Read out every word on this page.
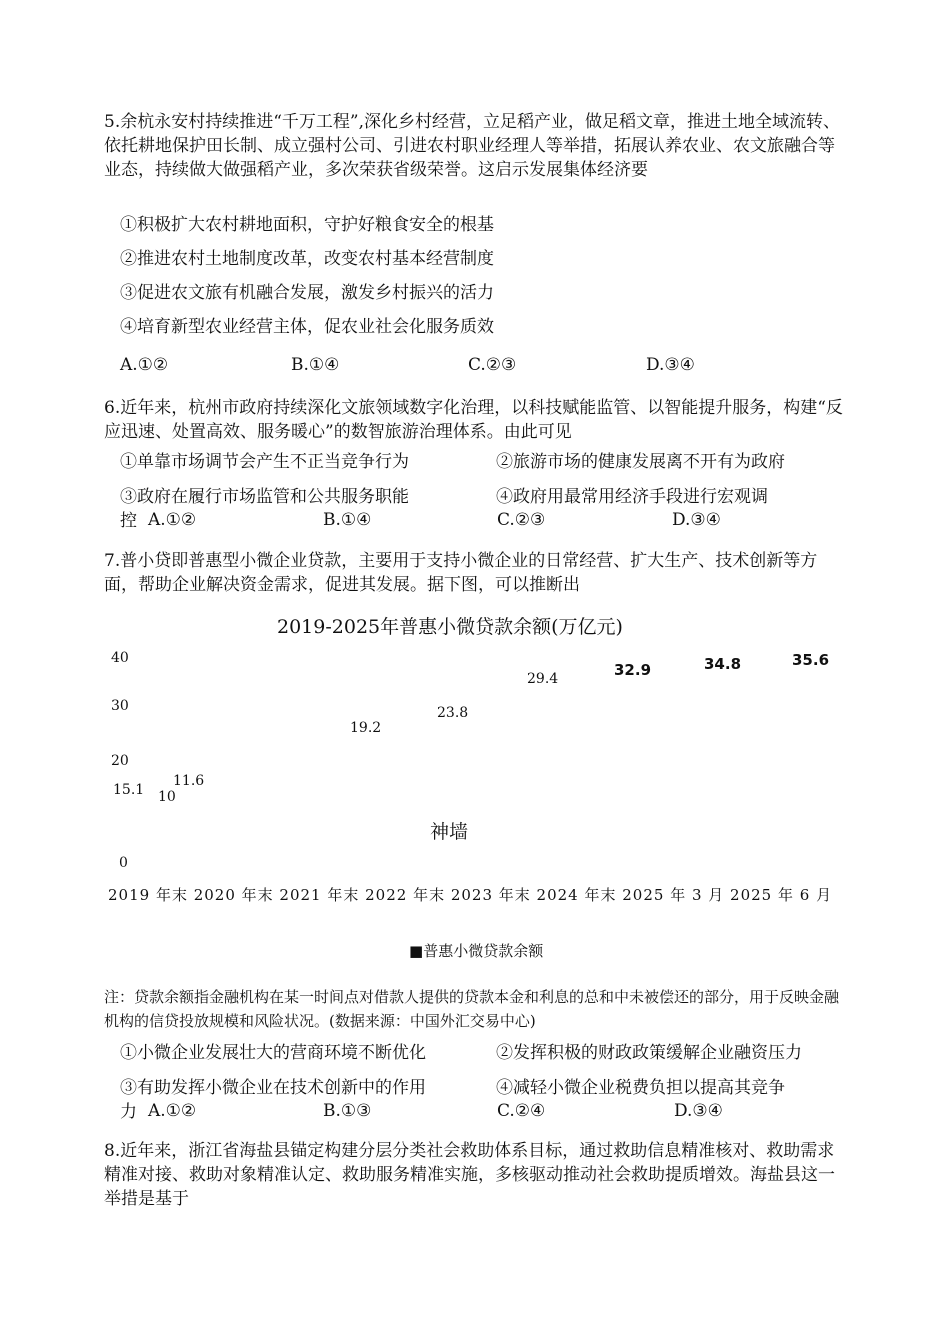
5.余杭永安村持续推进“千万工程”,深化乡村经营，立足稻产业，做足稻文章，推进土地全域流转、依托耕地保护田长制、成立强村公司、引进农村职业经理人等举措，拓展认养农业、农文旅融合等业态，持续做大做强稻产业，多次荣获省级荣誉。这启示发展集体经济要
①积极扩大农村耕地面积，守护好粮食安全的根基
②推进农村土地制度改革，改变农村基本经营制度
③促进农文旅有机融合发展，激发乡村振兴的活力
④培育新型农业经营主体，促农业社会化服务质效
A.①②	B.①④	C.②③	D.③④
6.近年来，杭州市政府持续深化文旅领域数字化治理，以科技赋能监管、以智能提升服务，构建“反应迅速、处置高效、服务暖心”的数智旅游治理体系。由此可见
①单靠市场调节会产生不正当竞争行为	②旅游市场的健康发展离不开有为政府
③政府在履行市场监管和公共服务职能	④政府用最常用经济手段进行宏观调
控 A.①②	B.①④	C.②③	D.③④
7.普小贷即普惠型小微企业贷款，主要用于支持小微企业的日常经营、扩大生产、技术创新等方面，帮助企业解决资金需求，促进其发展。据下图，可以推断出
2019-2025年普惠小微贷款余额(万亿元)
40
30
20
10
0
15.1
11.6
19.2
23.8
29.4	32.9	34.8	35.6
神墙
2019 年末 2020 年末 2021 年末 2022 年末 2023 年末 2024 年末 2025 年 3 月 2025 年 6 月
■普惠小微贷款余额
注：贷款余额指金融机构在某一时间点对借款人提供的贷款本金和利息的总和中未被偿还的部分，用于反映金融机构的信贷投放规模和风险状况。(数据来源：中国外汇交易中心)
①小微企业发展壮大的营商环境不断优化	②发挥积极的财政政策缓解企业融资压力
③有助发挥小微企业在技术创新中的作用	④减轻小微企业税费负担以提高其竞争
力 A.①②	B.①③	C.②④	D.③④
8.近年来，浙江省海盐县锚定构建分层分类社会救助体系目标，通过救助信息精准核对、救助需求精准对接、救助对象精准认定、救助服务精准实施，多核驱动推动社会救助提质增效。海盐县这一举措是基于
